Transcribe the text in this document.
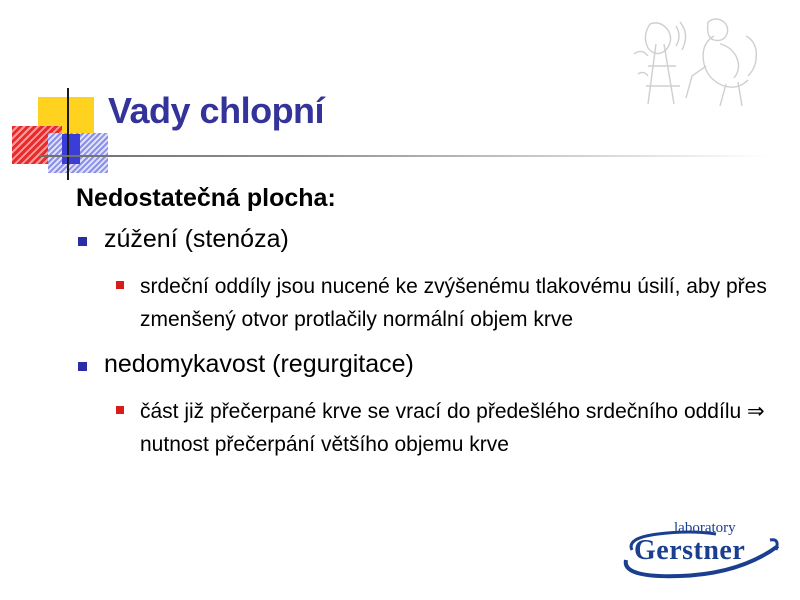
Vady chlopní
Nedostatečná plocha:
zúžení (stenóza)
srdeční oddíly jsou nucené ke zvýšenému tlakovému úsilí, aby přes zmenšený otvor protlačily normální objem krve
nedomykavost (regurgitace)
část již přečerpané krve se vrací do předešlého srdečního oddílu ⇒ nutnost přečerpání většího objemu krve
laboratory
Gerstner
